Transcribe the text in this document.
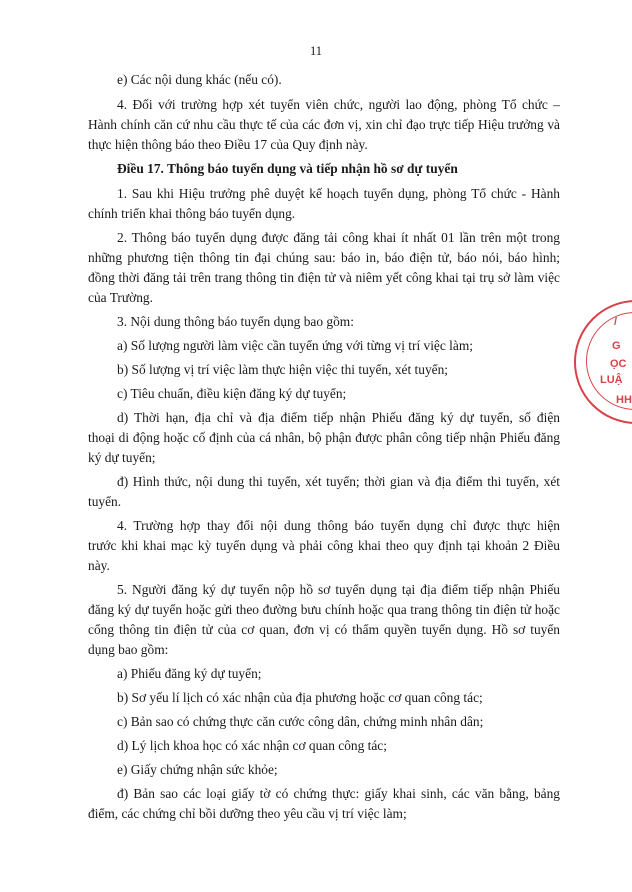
11
e) Các nội dung khác (nếu có).
4. Đối với trường hợp xét tuyển viên chức, người lao động, phòng Tổ chức –
Hành chính căn cứ nhu cầu thực tế của các đơn vị, xin chỉ đạo trực tiếp Hiệu trưởng và
thực hiện thông báo theo Điều 17 của Quy định này.
Điều 17. Thông báo tuyển dụng và tiếp nhận hồ sơ dự tuyển
1. Sau khi Hiệu trưởng phê duyệt kế hoạch tuyển dụng, phòng Tổ chức - Hành
chính triển khai thông báo tuyển dụng.
2. Thông báo tuyển dụng được đăng tải công khai ít nhất 01 lần trên một trong
những phương tiện thông tin đại chúng sau: báo in, báo điện tử, báo nói, báo hình;
đồng thời đăng tải trên trang thông tin điện tử và niêm yết công khai tại trụ sở làm việc
của Trường.
3. Nội dung thông báo tuyển dụng bao gồm:
a) Số lượng người làm việc cần tuyển ứng với từng vị trí việc làm;
b) Số lượng vị trí việc làm thực hiện việc thi tuyển, xét tuyển;
c) Tiêu chuẩn, điều kiện đăng ký dự tuyển;
d) Thời hạn, địa chỉ và địa điểm tiếp nhận Phiếu đăng ký dự tuyển, số điện
thoại di động hoặc cố định của cá nhân, bộ phận được phân công tiếp nhận Phiếu đăng
ký dự tuyển;
đ) Hình thức, nội dung thi tuyển, xét tuyển; thời gian và địa điểm thi tuyển, xét
tuyển.
4. Trường hợp thay đổi nội dung thông báo tuyển dụng chỉ được thực hiện
trước khi khai mạc kỳ tuyển dụng và phải công khai theo quy định tại khoản 2 Điều
này.
5. Người đăng ký dự tuyển nộp hồ sơ tuyển dụng tại địa điểm tiếp nhận Phiếu
đăng ký dự tuyển hoặc gửi theo đường bưu chính hoặc qua trang thông tin điện tử hoặc
cổng thông tin điện tử của cơ quan, đơn vị có thẩm quyền tuyển dụng. Hồ sơ tuyển
dụng bao gồm:
a) Phiếu đăng ký dự tuyển;
b) Sơ yếu lí lịch có xác nhận của địa phương hoặc cơ quan công tác;
c) Bản sao có chứng thực căn cước công dân, chứng minh nhân dân;
d) Lý lịch khoa học có xác nhận cơ quan công tác;
e) Giấy chứng nhận sức khỏe;
đ) Bản sao các loại giấy tờ có chứng thực: giấy khai sinh, các văn bằng, bảng
điểm, các chứng chỉ bồi dưỡng theo yêu cầu vị trí việc làm;
/
G
ỌC
LUẬ
HH
